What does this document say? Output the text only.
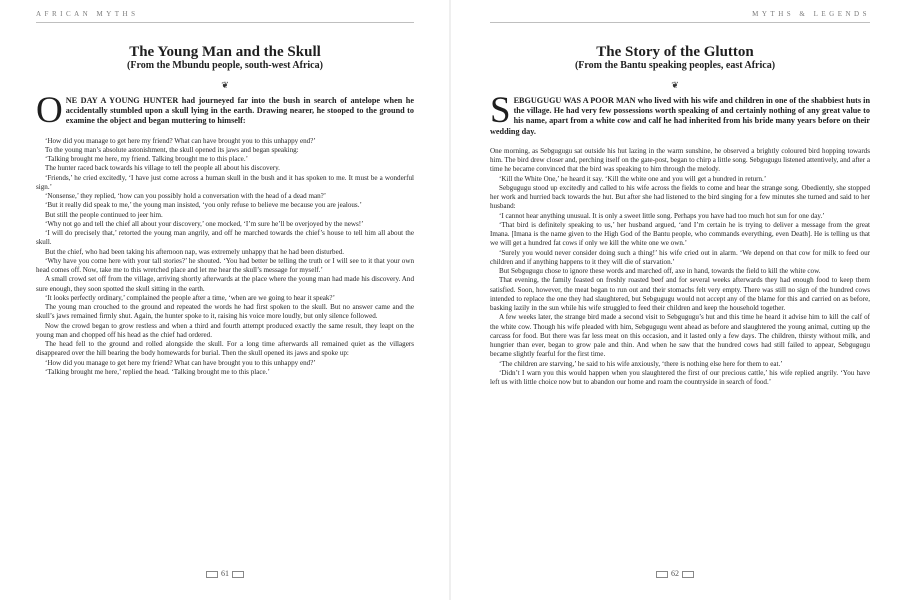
AFRICAN MYTHS
The Young Man and the Skull
(From the Mbundu people, south-west Africa)
❦
ONE DAY A YOUNG HUNTER had journeyed far into the bush in search of antelope when he accidentally stumbled upon a skull lying in the earth. Drawing nearer, he stooped to the ground to examine the object and began muttering to himself:

‘How did you manage to get here my friend? What can have brought you to this unhappy end?’

To the young man’s absolute astonishment, the skull opened its jaws and began speaking:

‘Talking brought me here, my friend. Talking brought me to this place.’

The hunter raced back towards his village to tell the people all about his discovery.

‘Friends,’ he cried excitedly, ‘I have just come across a human skull in the bush and it has spoken to me. It must be a wonderful sign.’

‘Nonsense,’ they replied, ‘how can you possibly hold a conversation with the head of a dead man?’

‘But it really did speak to me,’ the young man insisted, ‘you only refuse to believe me because you are jealous.’

But still the people continued to jeer him.

‘Why not go and tell the chief all about your discovery,’ one mocked, ‘I’m sure he’ll be overjoyed by the news!’

‘I will do precisely that,’ retorted the young man angrily, and off he marched towards the chief’s house to tell him all about the skull.

But the chief, who had been taking his afternoon nap, was extremely unhappy that he had been disturbed.

‘Why have you come here with your tall stories?’ he shouted. ‘You had better be telling the truth or I will see to it that your own head comes off. Now, take me to this wretched place and let me hear the skull’s message for myself.’

A small crowd set off from the village, arriving shortly afterwards at the place where the young man had made his discovery. And sure enough, they soon spotted the skull sitting in the earth.

‘It looks perfectly ordinary,’ complained the people after a time, ‘when are we going to hear it speak?’

The young man crouched to the ground and repeated the words he had first spoken to the skull. But no answer came and the skull’s jaws remained firmly shut. Again, the hunter spoke to it, raising his voice more loudly, but only silence followed.

Now the crowd began to grow restless and when a third and fourth attempt produced exactly the same result, they leapt on the young man and chopped off his head as the chief had ordered.

The head fell to the ground and rolled alongside the skull. For a long time afterwards all remained quiet as the villagers disappeared over the hill bearing the body homewards for burial. Then the skull opened its jaws and spoke up:

‘How did you manage to get here my friend? What can have brought you to this unhappy end?’

‘Talking brought me here,’ replied the head. ‘Talking brought me to this place.’

61
MYTHS & LEGENDS
The Story of the Glutton
(From the Bantu speaking peoples, east Africa)
❦
SEBGUGUGU WAS A POOR MAN who lived with his wife and children in one of the shabbiest huts in the village. He had very few possessions worth speaking of and certainly nothing of any great value to his name, apart from a white cow and calf he had inherited from his bride many years before on their wedding day.

One morning, as Sebgugugu sat outside his hut lazing in the warm sunshine, he observed a brightly coloured bird hopping towards him. The bird drew closer and, perching itself on the gate-post, began to chirp a little song. Sebgugugu listened attentively, and after a time he became convinced that the bird was speaking to him through the melody.

‘Kill the White One,’ he heard it say. ‘Kill the white one and you will get a hundred in return.’

Sebgugugu stood up excitedly and called to his wife across the fields to come and hear the strange song. Obediently, she stopped her work and hurried back towards the hut. But after she had listened to the bird singing for a few minutes she turned and said to her husband:

‘I cannot hear anything unusual. It is only a sweet little song. Perhaps you have had too much hot sun for one day.’

‘That bird is definitely speaking to us,’ her husband argued, ‘and I’m certain he is trying to deliver a message from the great Imana. [Imana is the name given to the High God of the Bantu people, who commands everything, even Death]. He is telling us that we will get a hundred fat cows if only we kill the white one we own.’

‘Surely you would never consider doing such a thing!’ his wife cried out in alarm. ‘We depend on that cow for milk to feed our children and if anything happens to it they will die of starvation.’

But Sebgugugu chose to ignore these words and marched off, axe in hand, towards the field to kill the white cow.

That evening, the family feasted on freshly roasted beef and for several weeks afterwards they had enough food to keep them satisfied. Soon, however, the meat began to run out and their stomachs felt very empty. There was still no sign of the hundred cows intended to replace the one they had slaughtered, but Sebgugugu would not accept any of the blame for this and carried on as before, basking lazily in the sun while his wife struggled to feed their children and keep the household together.

A few weeks later, the strange bird made a second visit to Sebgugugu’s hut and this time he heard it advise him to kill the calf of the white cow. Though his wife pleaded with him, Sebgugugu went ahead as before and slaughtered the young animal, cutting up the carcass for food. But there was far less meat on this occasion, and it lasted only a few days. The children, thirsty without milk, and hungrier than ever, began to grow pale and thin. And when he saw that the hundred cows had still failed to appear, Sebgugugu became slightly fearful for the first time.

‘The children are starving,’ he said to his wife anxiously, ‘there is nothing else here for them to eat.’

‘Didn’t I warn you this would happen when you slaughtered the first of our precious cattle,’ his wife replied angrily. ‘You have left us with little choice now but to abandon our home and roam the countryside in search of food.’

62
